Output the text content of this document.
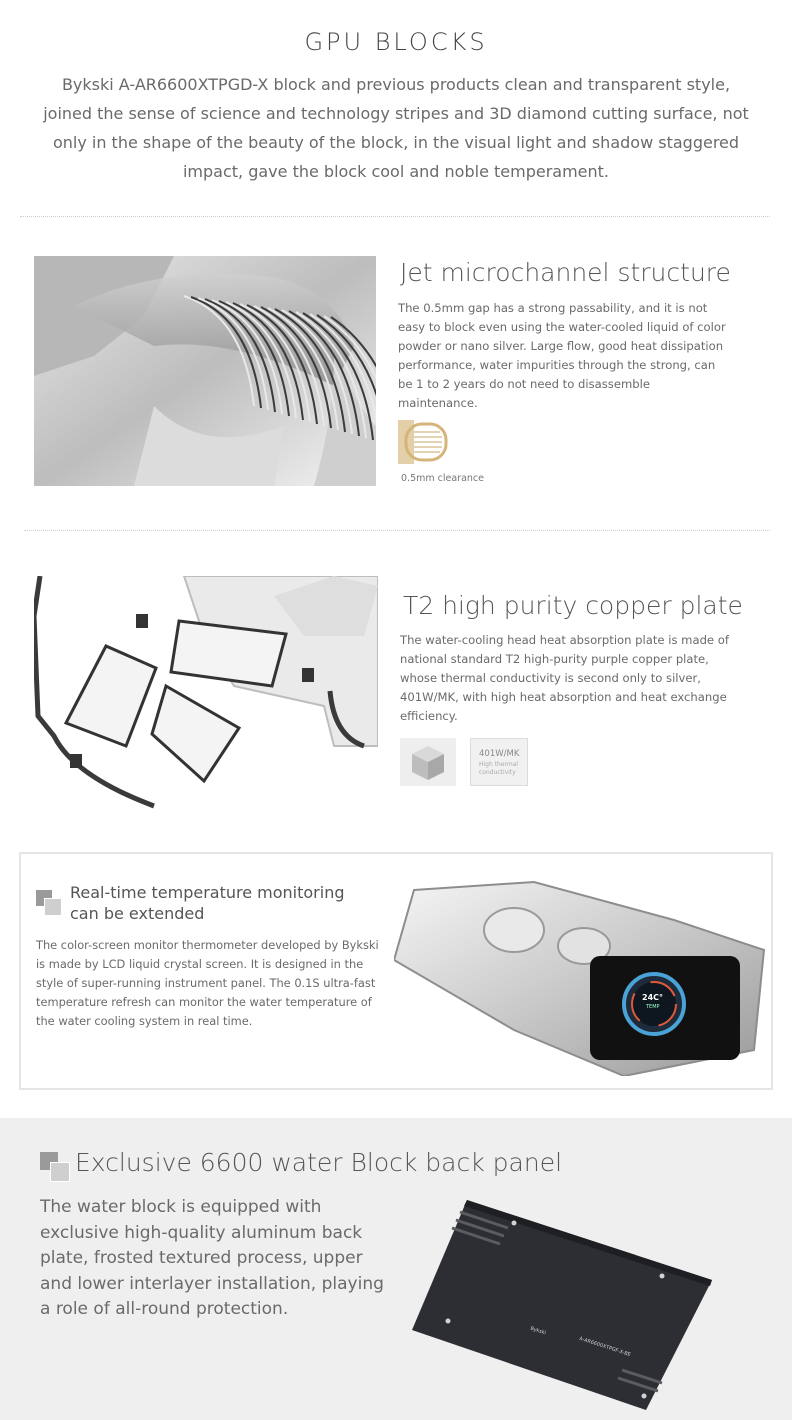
GPU BLOCKS
Bykski A-AR6600XTPGD-X block and previous products clean and transparent style, joined the sense of science and technology stripes and 3D diamond cutting surface, not only in the shape of the beauty of the block, in the visual light and shadow staggered impact, gave the block cool and noble temperament.
Jet microchannel structure
The 0.5mm gap has a strong passability, and it is not easy to block even using the water-cooled liquid of color powder or nano silver. Large flow, good heat dissipation performance, water impurities through the strong, can be 1 to 2 years do not need to disassemble maintenance.
0.5mm clearance
T2 high purity copper plate
The water-cooling head heat absorption plate is made of national standard T2 high-purity purple copper plate, whose thermal conductivity is second only to silver, 401W/MK, with high heat absorption and heat exchange efficiency.
401W/MK
High thermal conductivity
Real-time temperature monitoring can be extended
The color-screen monitor thermometer developed by Bykski is made by LCD liquid crystal screen. It is designed in the style of super-running instrument panel. The 0.1S ultra-fast temperature refresh can monitor the water temperature of the water cooling system in real time.
24C°
TEMP
Exclusive 6600 water Block back panel
The water block is equipped with exclusive high-quality aluminum back plate, frosted textured process, upper and lower interlayer installation, playing a role of all-round protection.
A-AR6600XTPGF-X-BE
Bykski
